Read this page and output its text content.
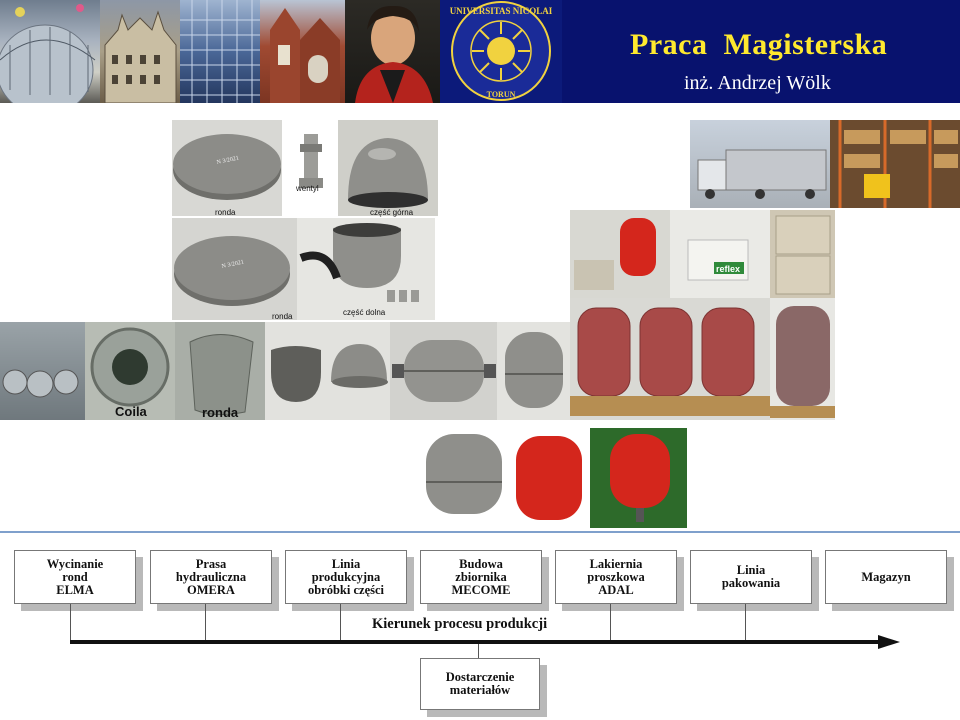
UNIVERSITAS NICOLAI
TORUN
Praca  Magisterska
inż. Andrzej Wölk
N 3/2021
ronda
wentyl
część górna
N 3/2021
ronda	część dolna
Coila	ronda
reflex
Wycinanie
rond
ELMA
Prasa
hydrauliczna
OMERA
Linia
produkcyjna
obróbki części
Budowa
zbiornika
MECOME
Lakiernia
proszkowa
ADAL
Linia
pakowania	Magazyn
Kierunek procesu produkcji
Dostarczenie
materiałów
